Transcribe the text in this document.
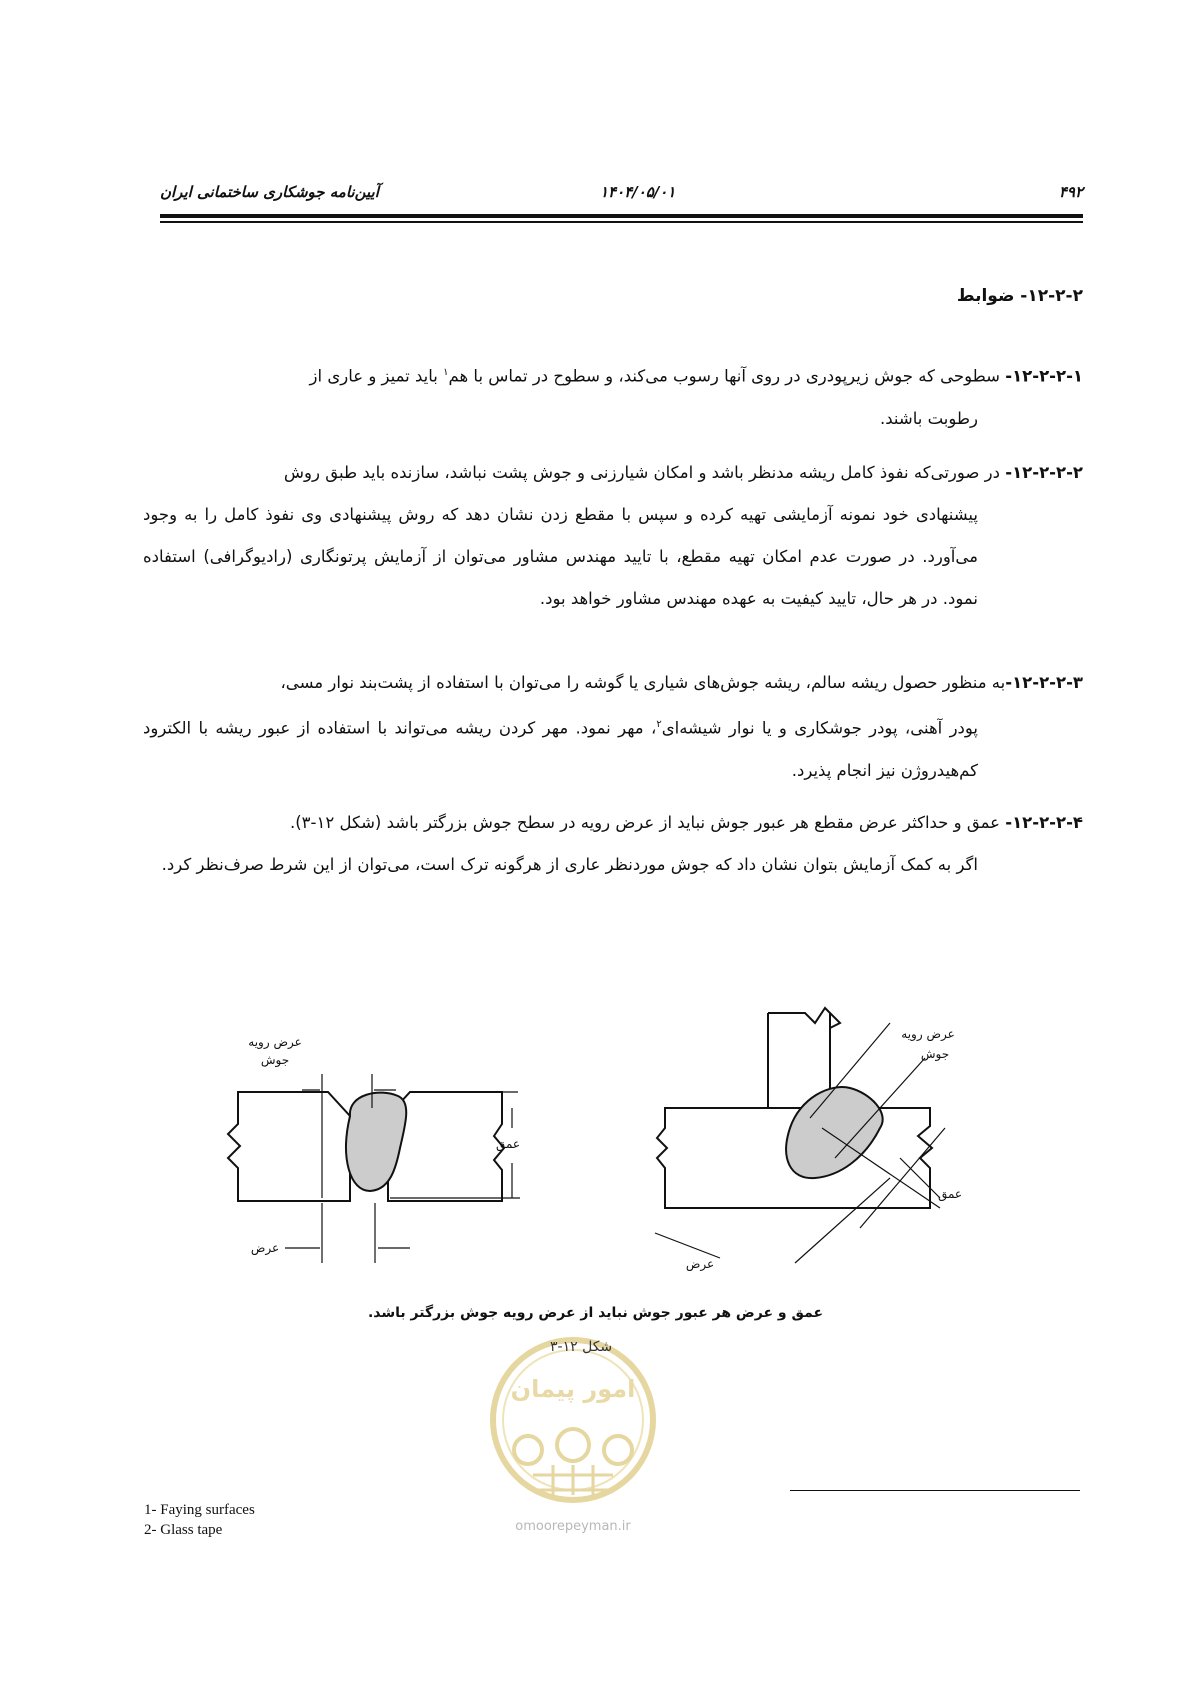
۴۹۲
۱۴۰۴/۰۵/۰۱
آیین‌نامه جوشکاری ساختمانی ایران
۱۲-۲-۲- ضوابط
۱۲-۲-۲-۱- سطوحی که جوش زیرپودری در روی آنها رسوب می‌کند، و سطوح در تماس با هم$^۱$ باید تمیز و عاری از
رطوبت باشند.
۱۲-۲-۲-۲- در صورتی‌که نفوذ کامل ریشه مدنظر باشد و امکان شیارزنی و جوش پشت نباشد، سازنده باید طبق روش
پیشنهادی خود نمونه آزمایشی تهیه کرده و سپس با مقطع زدن نشان دهد که روش پیشنهادی وی نفوذ کامل را به وجود می‌آورد. در صورت عدم امکان تهیه مقطع، با تایید مهندس مشاور می‌توان از آزمایش پرتونگاری (رادیوگرافی) استفاده نمود. در هر حال، تایید کیفیت به عهده مهندس مشاور خواهد بود.
۱۲-۲-۲-۳-به منظور حصول ریشه سالم، ریشه جوش‌های شیاری یا گوشه را می‌توان با استفاده از پشت‌بند نوار مسی،
پودر آهنی، پودر جوشکاری و یا نوار شیشه‌ای$^۲$، مهر نمود. مهر کردن ریشه می‌تواند با استفاده از عبور ریشه با الکترود کم‌هیدروژن نیز انجام پذیرد.
۱۲-۲-۲-۴- عمق و حداکثر عرض مقطع هر عبور جوش نباید از عرض رویه در سطح جوش بزرگتر باشد (شکل ۱۲-۳).
اگر به کمک آزمایش بتوان نشان داد که جوش موردنظر عاری از هرگونه ترک است، می‌توان از این شرط صرف‌نظر کرد.
عرض رویه
جوش
عمق
عرض
عرض رویه
جوش
عمق
عرض
عمق و عرض هر عبور جوش نباید از عرض رویه جوش بزرگتر باشد.
امور پیمان
omoorepeyman.ir
شکل ۱۲-۳
1- Faying surfaces
2- Glass tape
